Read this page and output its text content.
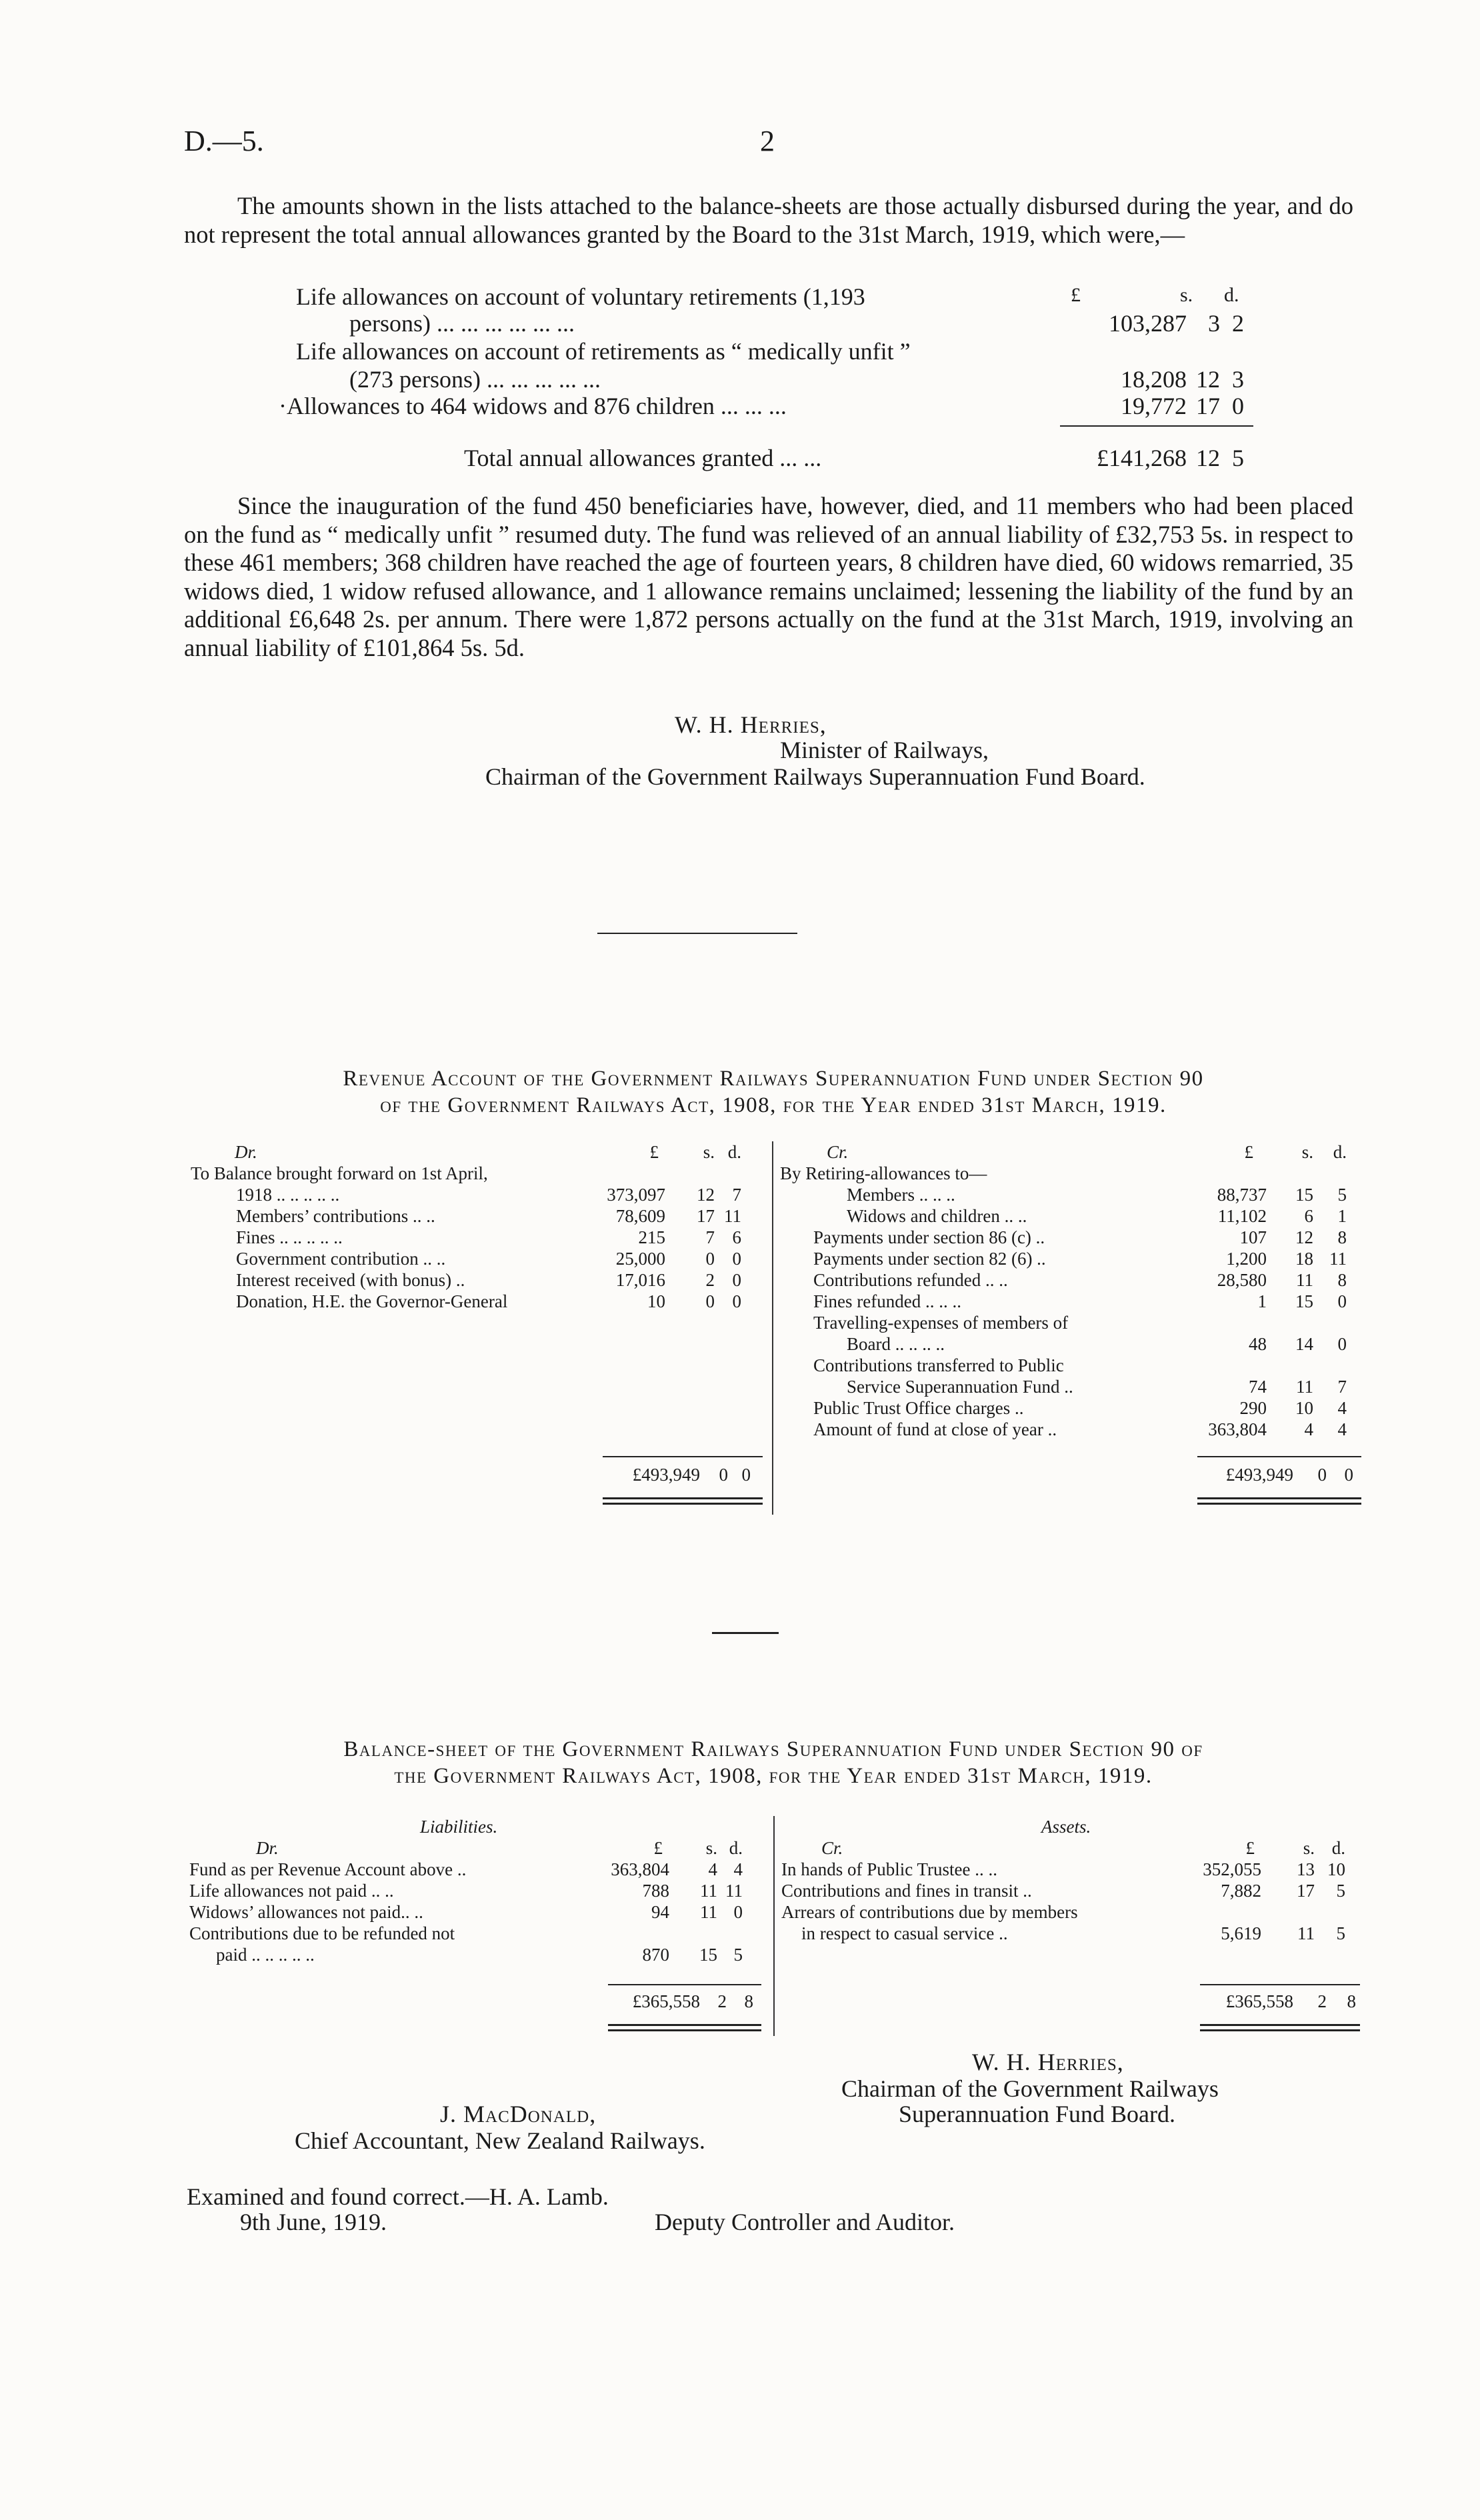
D.—5.	2

The amounts shown in the lists attached to the balance-sheets are those actually disbursed during the year, and do not represent the total annual allowances granted by the Board to the 31st March, 1919, which were,—

£	s. d.
Life allowances on account of voluntary retirements (1,193
persons) ... ... ... ... ... ...	103,287 3 2
Life allowances on account of retirements as “ medically unfit ”
(273 persons) ... ... ... ... ...	18,208 12 3
·Allowances to 464 widows and 876 children ... ... ...	19,772 17 0
Total annual allowances granted ... ...	£141,268 12 5

Since the inauguration of the fund 450 beneficiaries have, however, died, and 11 members who had been placed on the fund as “ medically unfit ” resumed duty. The fund was relieved of an annual liability of £32,753 5s. in respect to these 461 members; 368 children have reached the age of fourteen years, 8 children have died, 60 widows remarried, 35 widows died, 1 widow refused allowance, and 1 allowance remains unclaimed; lessening the liability of the fund by an additional £6,648 2s. per annum. There were 1,872 persons actually on the fund at the 31st March, 1919, involving an annual liability of £101,864 5s. 5d.

W. H. Herries,
Minister of Railways,
Chairman of the Government Railways Superannuation Fund Board.
Revenue Account of the Government Railways Superannuation Fund under Section 90
of the Government Railways Act, 1908, for the Year ended 31st March, 1919.
Dr.	£	s. d.
To Balance brought forward on 1st April,
1918 .. .. .. .. ..	373,097	12 7
Members’ contributions .. ..	78,609	17 11
Fines .. .. .. .. ..	215	7 6
Government contribution .. ..	25,000	0 0
Interest received (with bonus) ..	17,016	2 0
Donation, H.E. the Governor-General	10	0 0
Cr.	£	s.	d.
By Retiring-allowances to—
Members .. .. ..	88,737	15	5
Widows and children .. ..	11,102	6	1
Payments under section 86 (c) ..	107	12	8
Payments under section 82 (6) ..	1,200	18 11
Contributions refunded .. ..	28,580	11	8
Fines refunded .. .. ..	1	15	0
Travelling-expenses of members of
Board .. .. .. ..	48	14	0
Contributions transferred to Public
Service Superannuation Fund ..	74	11	7
Public Trust Office charges ..	290	10	4
Amount of fund at close of year ..	363,804	4	4
£493,949	0 0	£493,949	0 0
Balance-sheet of the Government Railways Superannuation Fund under Section 90 of
the Government Railways Act, 1908, for the Year ended 31st March, 1919.
Liabilities.
Dr.	£	s. d.
Fund as per Revenue Account above ..	363,804	4 4
Life allowances not paid .. ..	788	11 11
Widows’ allowances not paid.. ..	94	11 0
Contributions due to be refunded not
paid .. .. .. .. ..	870	15 5
Assets.
Cr.	£	s. d.
In hands of Public Trustee .. ..	352,055	13 10
Contributions and fines in transit ..	7,882	17	5
Arrears of contributions due by members
in respect to casual service ..	5,619	11	5
£365,558 2 8	£365,558	2	8
W. H. Herries,
Chairman of the Government Railways
Superannuation Fund Board.
J. MacDonald,
Chief Accountant, New Zealand Railways.
Examined and found correct.—H. A. Lamb.
9th June, 1919.	Deputy Controller and Auditor.
